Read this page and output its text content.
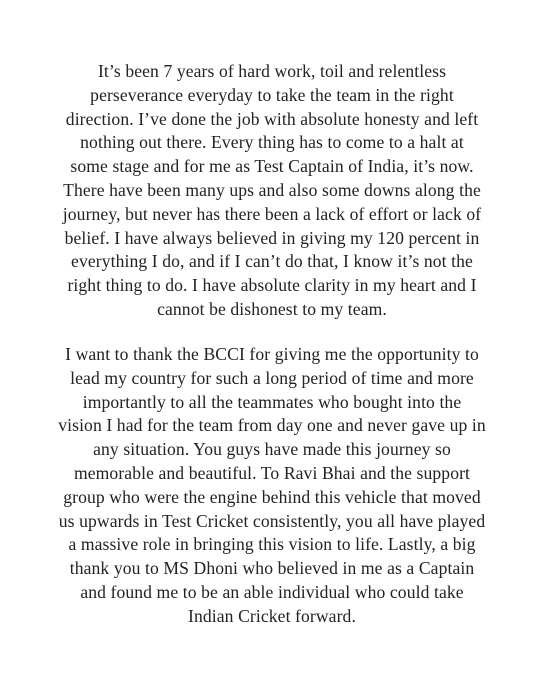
It’s been 7 years of hard work, toil and relentless
perseverance everyday to take the team in the right
direction. I’ve done the job with absolute honesty and left
nothing out there. Every thing has to come to a halt at
some stage and for me as Test Captain of India, it’s now.
There have been many ups and also some downs along the
journey, but never has there been a lack of effort or lack of
belief. I have always believed in giving my 120 percent in
everything I do, and if I can’t do that, I know it’s not the
right thing to do. I have absolute clarity in my heart and I
cannot be dishonest to my team.

I want to thank the BCCI for giving me the opportunity to
lead my country for such a long period of time and more
importantly to all the teammates who bought into the
vision I had for the team from day one and never gave up in
any situation. You guys have made this journey so
memorable and beautiful. To Ravi Bhai and the support
group who were the engine behind this vehicle that moved
us upwards in Test Cricket consistently, you all have played
a massive role in bringing this vision to life. Lastly, a big
thank you to MS Dhoni who believed in me as a Captain
and found me to be an able individual who could take
Indian Cricket forward.
